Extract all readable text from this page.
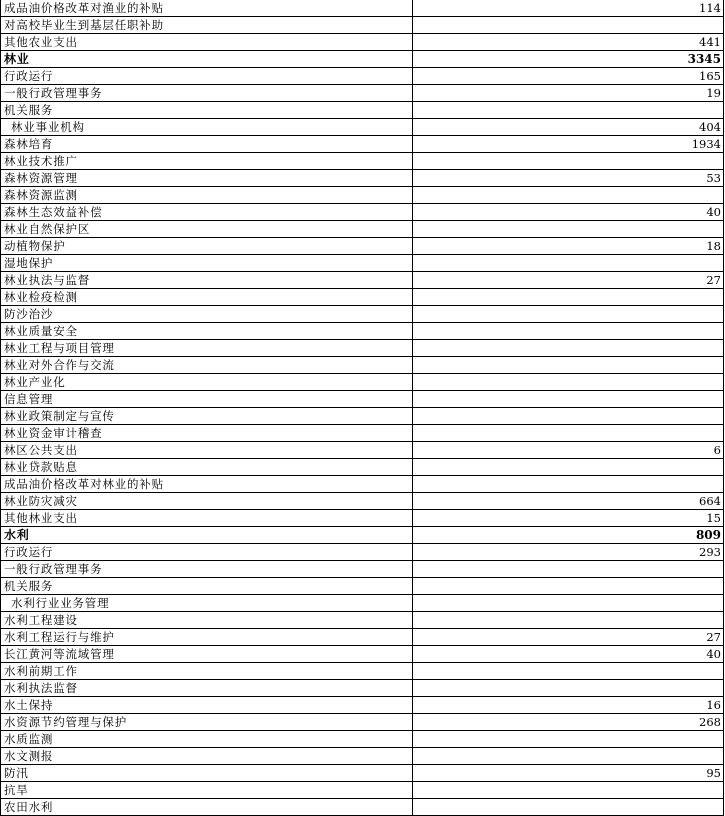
成品油价格改革对渔业的补贴	114
对高校毕业生到基层任职补助	
其他农业支出	441
林业	3345
行政运行	165
一般行政管理事务	19
机关服务	
林业事业机构	404
森林培育	1934
林业技术推广	
森林资源管理	53
森林资源监测	
森林生态效益补偿	40
林业自然保护区	
动植物保护	18
湿地保护	
林业执法与监督	27
林业检疫检测	
防沙治沙	
林业质量安全	
林业工程与项目管理	
林业对外合作与交流	
林业产业化	
信息管理	
林业政策制定与宣传	
林业资金审计稽查	
林区公共支出	6
林业贷款贴息	
成品油价格改革对林业的补贴	
林业防灾减灾	664
其他林业支出	15
水利	809
行政运行	293
一般行政管理事务	
机关服务	
水利行业业务管理	
水利工程建设	
水利工程运行与维护	27
长江黄河等流域管理	40
水利前期工作	
水利执法监督	
水土保持	16
水资源节约管理与保护	268
水质监测	
水文测报	
防汛	95
抗旱	
农田水利	
